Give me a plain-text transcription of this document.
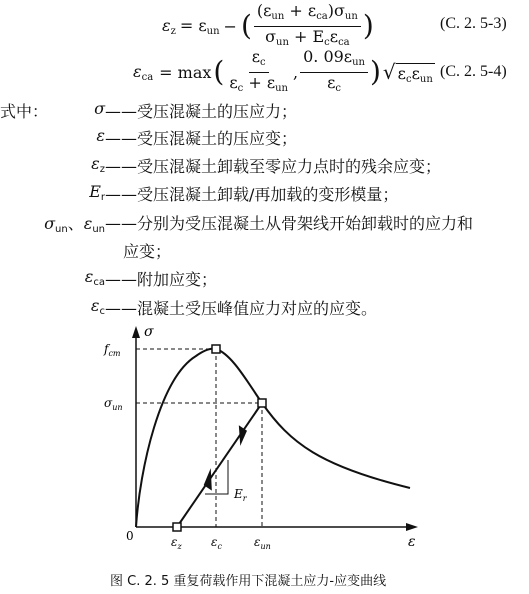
$\varepsilon_z = \varepsilon_{un}$ − ( $\frac{(\varepsilon_{un} + \varepsilon_{ca})\sigma_{un}}{\sigma_{un} + E_c\varepsilon_{ca}}$ )	(C. 2. 5-3)
$\varepsilon_{ca} = \max$ ( $\frac{\varepsilon_c}{\varepsilon_c + \varepsilon_{un}}$ , $\frac{0. 09\varepsilon_{un}}{\varepsilon_c}$ ) √ $\varepsilon_c\varepsilon_{un}$ (C. 2. 5-4)
式中：	σ ——受压混凝土的压应力；
ε ——受压混凝土的压应变；
$\varepsilon_z$ ——受压混凝土卸载至零应力点时的残余应变；
$E_r$ ——受压混凝土卸载/再加载的变形模量；
$\sigma_{un}$、$\varepsilon_{un}$ ——分别为受压混凝土从骨架线开始卸载时的应力和
应变；
$\varepsilon_{ca}$ ——附加应变；
$\varepsilon_c$ ——混凝土受压峰值应力对应的应变。
σ
ε
0
$f_{cm}$
$\sigma_{un}$
$\varepsilon_z$ $\varepsilon_c$	$\varepsilon_{un}$
$E_r$
图 C. 2. 5 重复荷载作用下混凝土应力-应变曲线
